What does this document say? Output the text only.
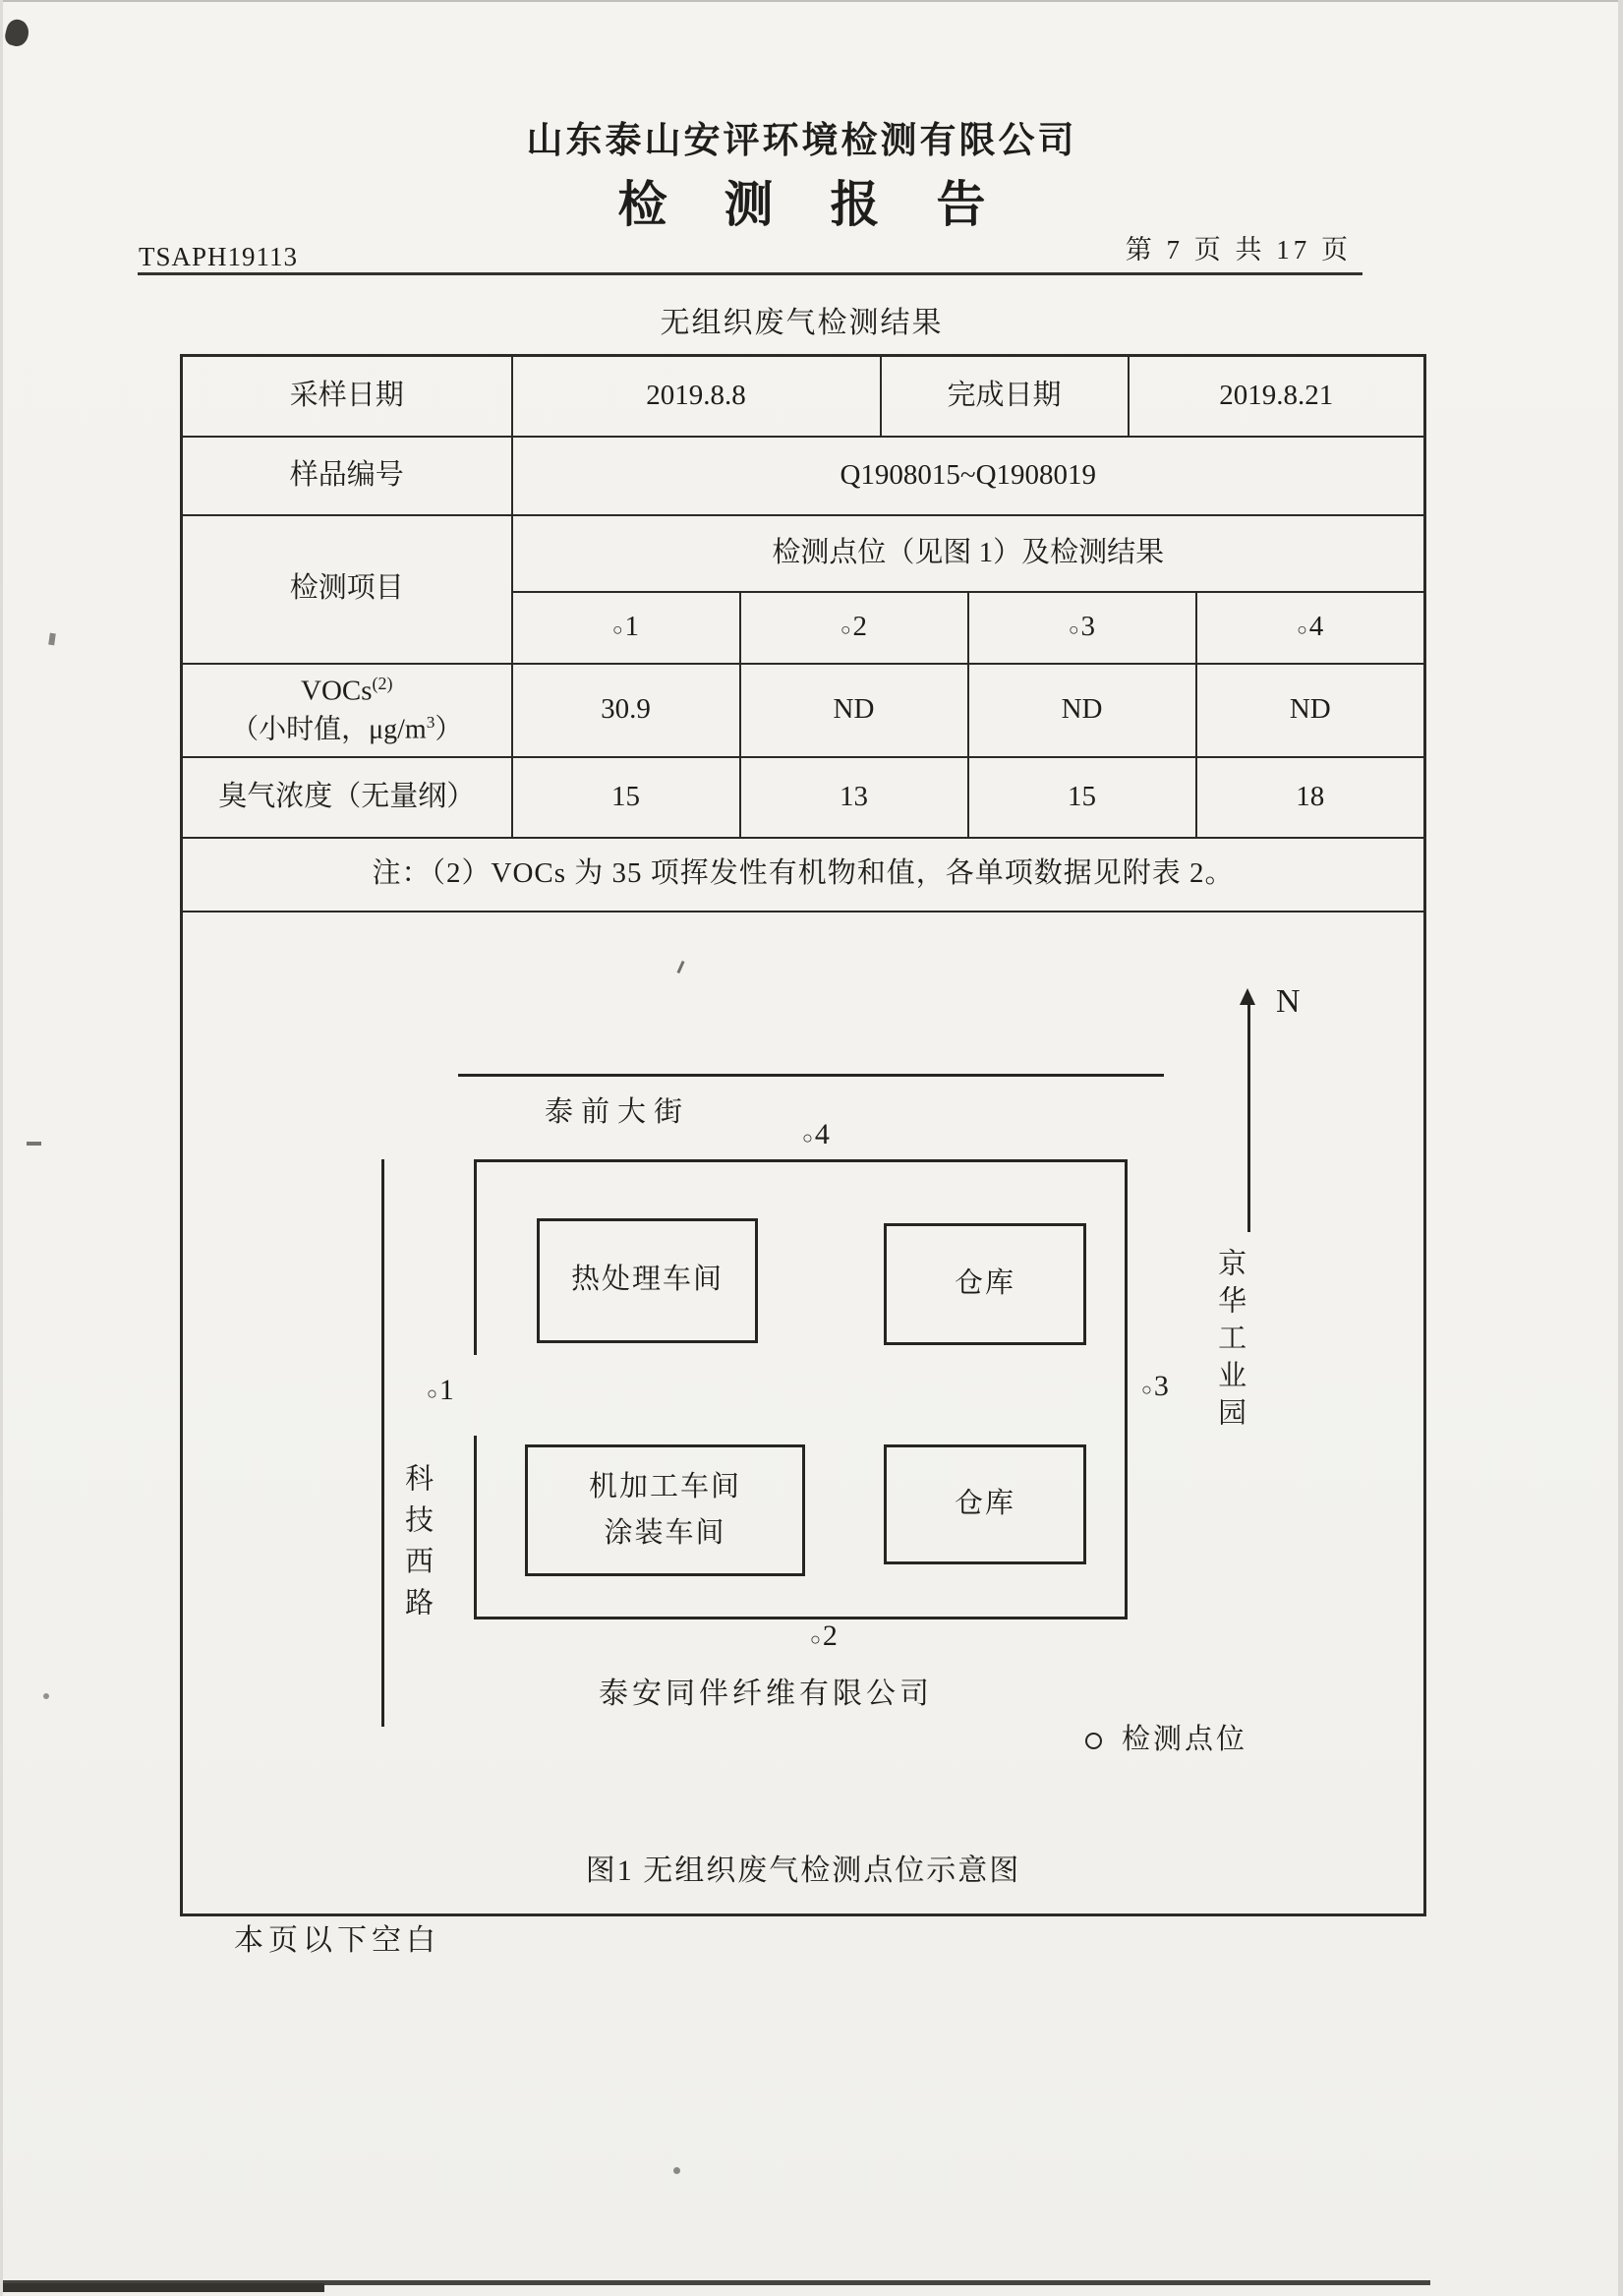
山东泰山安评环境检测有限公司
检测报告
TSAPH19113	第 7 页 共 17 页
无组织废气检测结果
采样日期	2019.8.8		完成日期		2019.8.21	
样品编号	Q1908015~Q1908019					
检测项目	检测点位（见图 1）及检测结果					
	○1	○2		○3		○4

VOCs$^{(2)}$
（小时值，$\mu g/m^3$）	30.9	ND		ND		ND
臭气浓度（无量纲）	15	13		15		18
注：（2）VOCs 为 35 项挥发性有机物和值，各单项数据见附表 2。						

N
泰前大街
○4
科技西路
○1
○2
○3
热处理车间	仓库
机加工车间
涂装车间
仓库
京华工业园
泰安同伴纤维有限公司
检测点位
图1 无组织废气检测点位示意图
本页以下空白
